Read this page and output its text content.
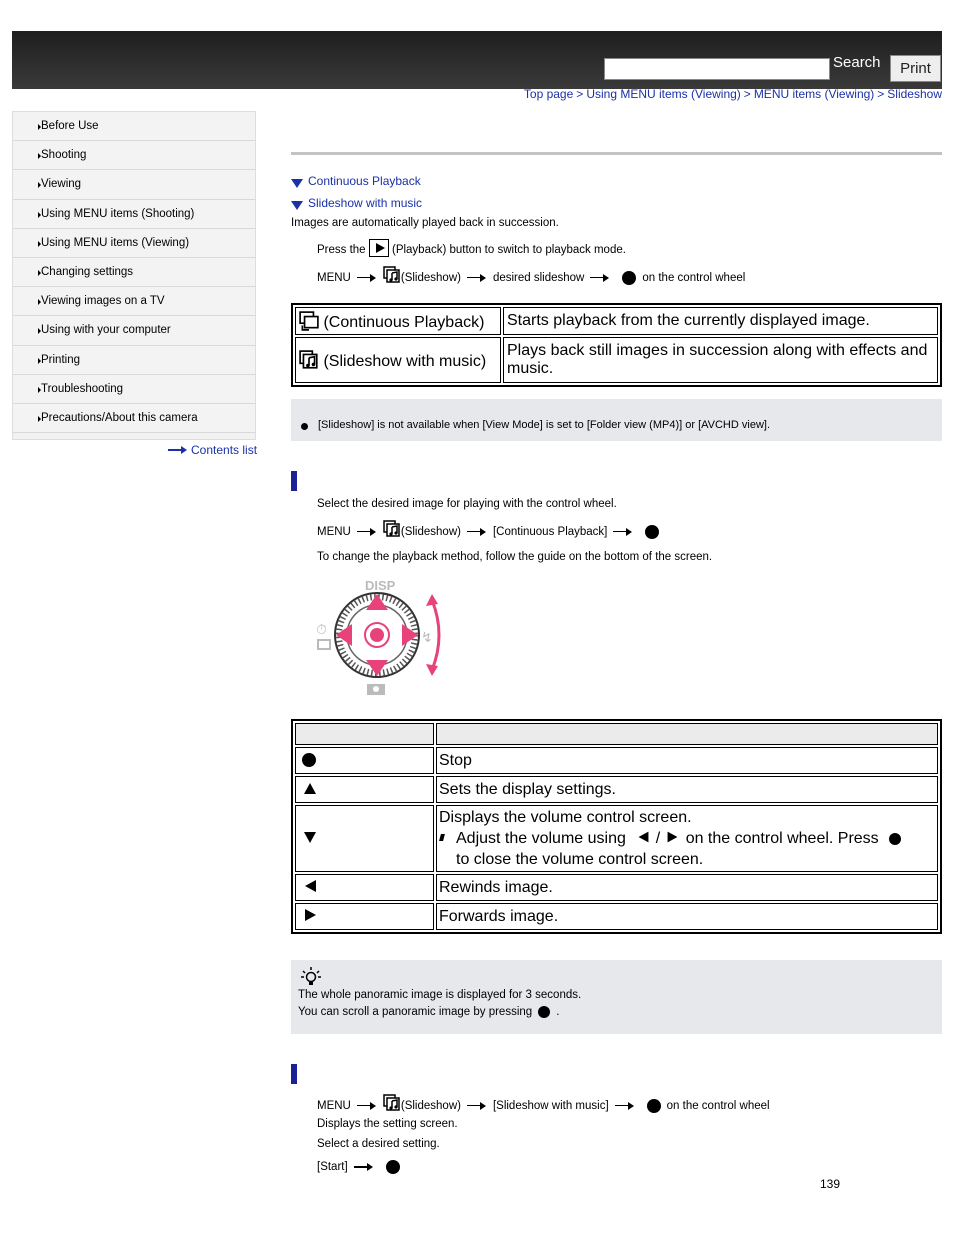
Search	Print
Top page > Using MENU items (Viewing) > MENU items (Viewing) > Slideshow
Before Use
Shooting
Viewing
Using MENU items (Shooting)
Using MENU items (Viewing)
Changing settings
Viewing images on a TV
Using with your computer
Printing
Troubleshooting
Precautions/About this camera
Contents list
Continuous Playback
Slideshow with music
Images are automatically played back in succession.
Press the (Playback) button to switch to playback mode.
MENU	(Slideshow)	desired slideshow	on the control wheel
(Continuous Playback)	Starts playback from the currently displayed image.
(Slideshow with music)	Plays back still images in succession along with effects and music.
[Slideshow] is not available when [View Mode] is set to [Folder view (MP4)] or [AVCHD view].
Select the desired image for playing with the control wheel.
MENU	(Slideshow)	[Continuous Playback]
To change the playback method, follow the guide on the bottom of the screen.
DISP
⏱	↯

	Stop
	Sets the display settings.

	Displays the volume control screen.
Adjust the volume using / on the control wheel. Press
to close the volume control screen.

	Rewinds image.
	Forwards image.
The whole panoramic image is displayed for 3 seconds.
You can scroll a panoramic image by pressing .
MENU	(Slideshow)	[Slideshow with music]	on the control wheel
Displays the setting screen.
Select a desired setting.
[Start]
139
